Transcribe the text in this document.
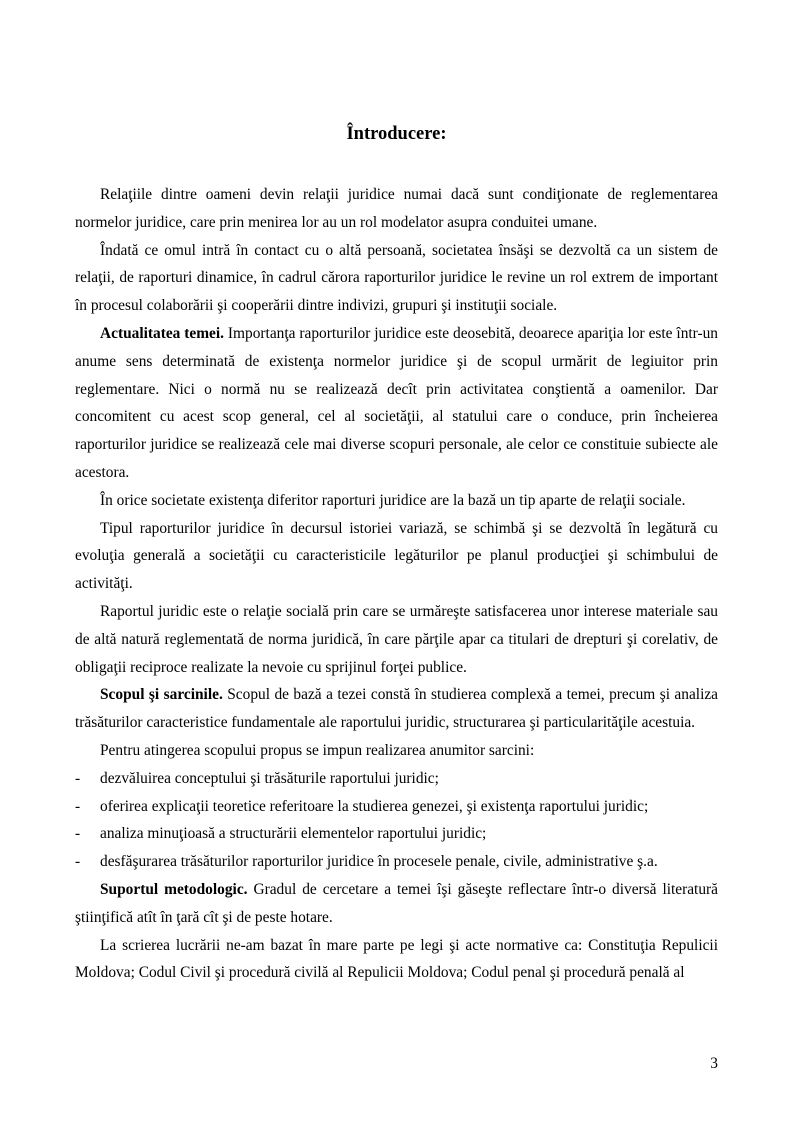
Întroducere:

Relaţiile dintre oameni devin relaţii juridice numai dacă sunt condiţionate de reglementarea normelor juridice, care prin menirea lor au un rol modelator asupra conduitei umane.

Îndată ce omul intră în contact cu o altă persoană, societatea însăşi se dezvoltă ca un sistem de relaţii, de raporturi dinamice, în cadrul cărora raporturilor juridice le revine un rol extrem de important în procesul colaborării şi cooperării dintre indivizi, grupuri şi instituţii sociale.

Actualitatea temei. Importanţa raporturilor juridice este deosebită, deoarece apariţia lor este într-un anume sens determinată de existenţa normelor juridice şi de scopul urmărit de legiuitor prin reglementare. Nici o normă nu se realizează decît prin activitatea conştientă a oamenilor. Dar concomitent cu acest scop general, cel al societăţii, al statului care o conduce, prin încheierea raporturilor juridice se realizează cele mai diverse scopuri personale, ale celor ce constituie subiecte ale acestora.

În orice societate existenţa diferitor raporturi juridice are la bază un tip aparte de relaţii sociale.

Tipul raporturilor juridice în decursul istoriei variază, se schimbă şi se dezvoltă în legătură cu evoluţia generală a societăţii cu caracteristicile legăturilor pe planul producţiei şi schimbului de activităţi.

Raportul juridic este o relaţie socială prin care se urmăreşte satisfacerea unor interese materiale sau de altă natură reglementată de norma juridică, în care părţile apar ca titulari de drepturi şi corelativ, de obligaţii reciproce realizate la nevoie cu sprijinul forţei publice.

Scopul şi sarcinile. Scopul de bază a tezei constă în studierea complexă a temei, precum şi analiza trăsăturilor caracteristice fundamentale ale raportului juridic, structurarea şi particularităţile acestuia.

Pentru atingerea scopului propus se impun realizarea anumitor sarcini:

-	dezvăluirea conceptului şi trăsăturile raportului juridic;
-	oferirea explicaţii teoretice referitoare la studierea genezei, şi existenţa raportului juridic;
-	analiza minuţioasă a structurării elementelor raportului juridic;
-	desfăşurarea trăsăturilor raporturilor juridice în procesele penale, civile, administrative ş.a.

Suportul metodologic. Gradul de cercetare a temei îşi găseşte reflectare într-o diversă literatură ştiinţifică atît în ţară cît şi de peste hotare.

La scrierea lucrării ne-am bazat în mare parte pe legi şi acte normative ca: Constituţia Repulicii Moldova; Codul Civil şi procedură civilă al Repulicii Moldova; Codul penal şi procedură penală al

3
